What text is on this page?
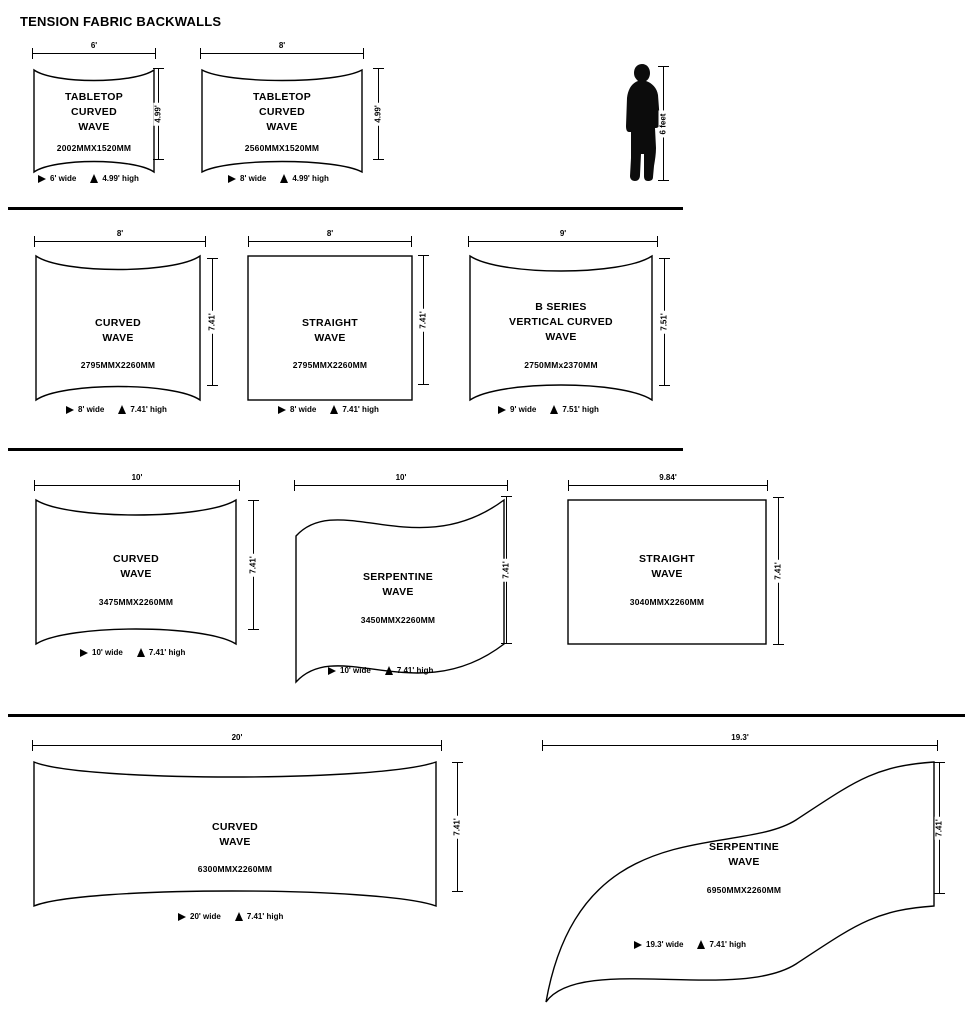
TENSION FABRIC BACKWALLS
6'
TABLETOP
CURVED
WAVE
2002MMX1520MM
4.99'
6' wide	4.99' high
8'
TABLETOP
CURVED
WAVE
2560MMX1520MM
4.99'
8' wide	4.99' high
6 feet
8'
CURVED
WAVE
2795MMX2260MM
7.41'
8' wide	7.41' high
8'
STRAIGHT
WAVE
2795MMX2260MM
7.41'
8' wide	7.41' high
9'
B SERIES
VERTICAL CURVED
WAVE
2750MMx2370MM
7.51'
9' wide	7.51' high
10'
CURVED
WAVE
3475MMX2260MM
7.41'
10' wide	7.41' high
10'
SERPENTINE
WAVE
3450MMX2260MM
7.41'
10' wide	7.41' high
9.84'
STRAIGHT
WAVE
3040MMX2260MM
7.41'
20'
CURVED
WAVE
6300MMX2260MM
7.41'
20' wide	7.41' high
19.3'
SERPENTINE
WAVE
6950MMX2260MM
7.41'
19.3' wide	7.41' high
